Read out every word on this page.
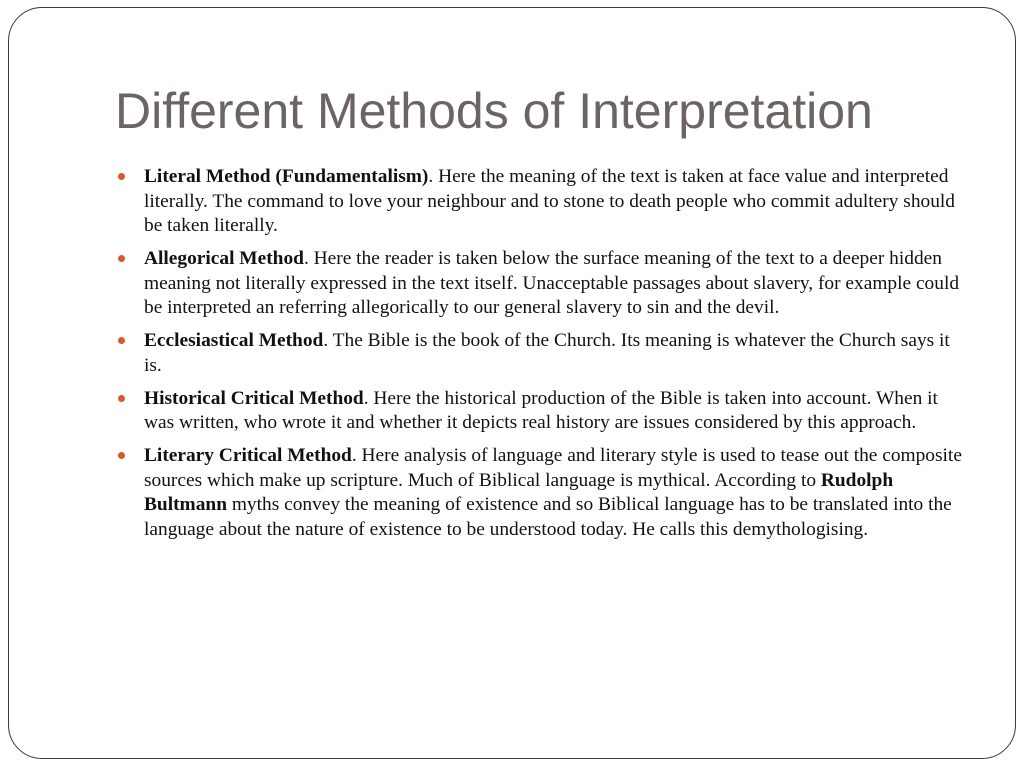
Different Methods of Interpretation
Literal Method (Fundamentalism). Here the meaning of the text is taken at face value and interpreted literally. The command to love your neighbour and to stone to death people who commit adultery should be taken literally.
Allegorical Method. Here the reader is taken below the surface meaning of the text to a deeper hidden meaning not literally expressed in the text itself. Unacceptable passages about slavery, for example could be interpreted an referring allegorically to our general slavery to sin and the devil.
Ecclesiastical Method. The Bible is the book of the Church. Its meaning is whatever the Church says it is.
Historical Critical Method. Here the historical production of the Bible is taken into account. When it was written, who wrote it and whether it depicts real history are issues considered by this approach.
Literary Critical Method. Here analysis of language and literary style is used to tease out the composite sources which make up scripture. Much of Biblical language is mythical. According to Rudolph Bultmann myths convey the meaning of existence and so Biblical language has to be translated into the language about the nature of existence to be understood today. He calls this demythologising.
